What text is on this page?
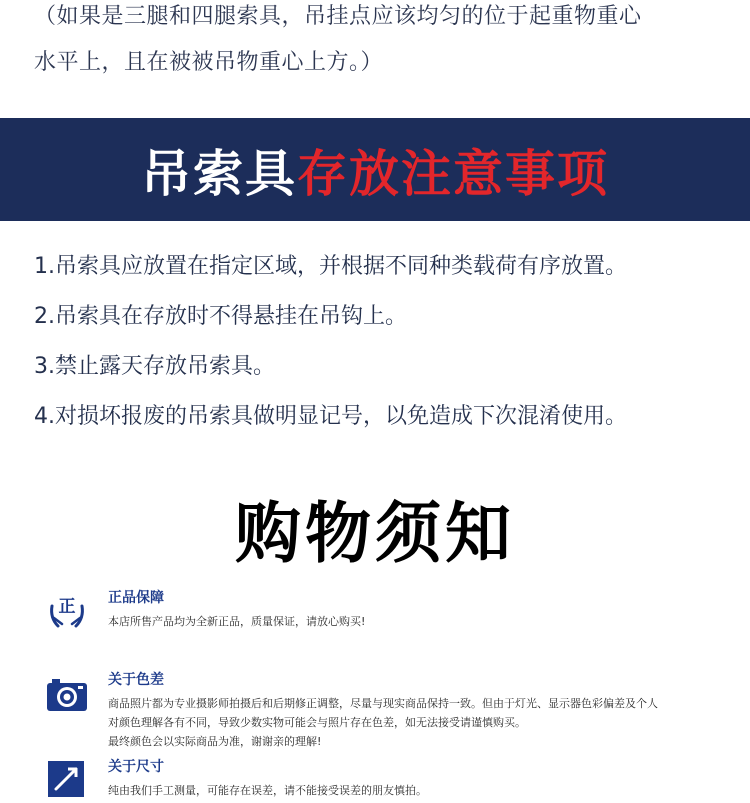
（如果是三腿和四腿索具，吊挂点应该均匀的位于起重物重心

水平上，且在被被吊物重心上方。）

吊索具存放注意事项

1.吊索具应放置在指定区域，并根据不同种类载荷有序放置。

2.吊索具在存放时不得悬挂在吊钩上。

3.禁止露天存放吊索具。

4.对损坏报废的吊索具做明显记号，以免造成下次混淆使用。

购物须知
正 正品保障
本店所售产品均为全新正品，质量保证，请放心购买!
关于色差
商品照片都为专业摄影师拍摄后和后期修正调整，尽量与现实商品保持一致。但由于灯光、显示器色彩偏差及个人
对颜色理解各有不同，导致少数实物可能会与照片存在色差，如无法接受请谨慎购买。
最终颜色会以实际商品为准，谢谢亲的理解!
关于尺寸
纯由我们手工测量，可能存在误差，请不能接受误差的朋友慎拍。
